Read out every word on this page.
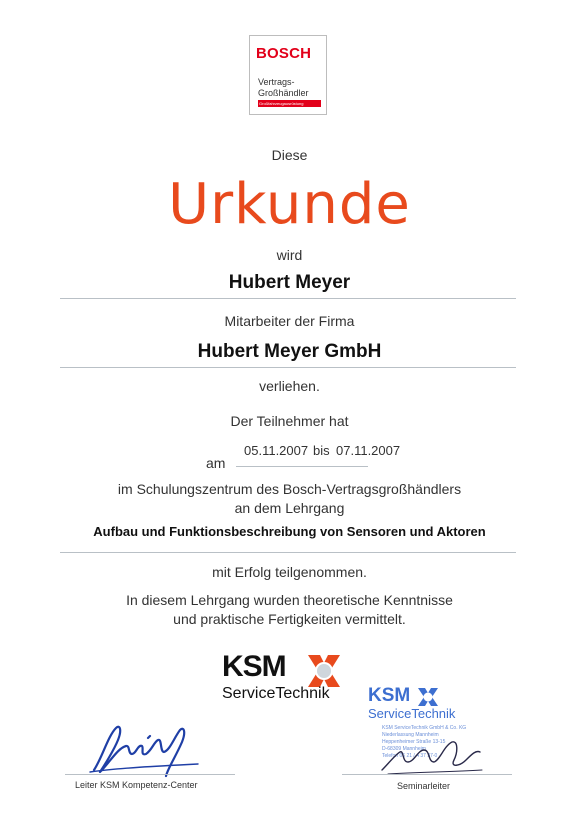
BOSCH
Vertrags-
Großhändler
Großfahrzeugausrüstung
Diese
Urkunde
wird
Hubert Meyer
Mitarbeiter der Firma
Hubert Meyer GmbH
verliehen.
Der Teilnehmer hat
am
05.11.2007 bis 07.11.2007
im Schulungszentrum des Bosch-Vertragsgroßhändlers
an dem Lehrgang
Aufbau und Funktionsbeschreibung von Sensoren und Aktoren
mit Erfolg teilgenommen.
In diesem Lehrgang wurden theoretische Kenntnisse
und praktische Fertigkeiten vermittelt.
KSM
ServiceTechnik KSM
ServiceTechnik
KSM ServiceTechnik GmbH & Co. KG
Niederlassung Mannheim
Heppenheimer Straße 13-15
D-68309 Mannheim
Telefon 06 21 / 4 37 37-0
Leiter KSM Kompetenz-Center	Seminarleiter
